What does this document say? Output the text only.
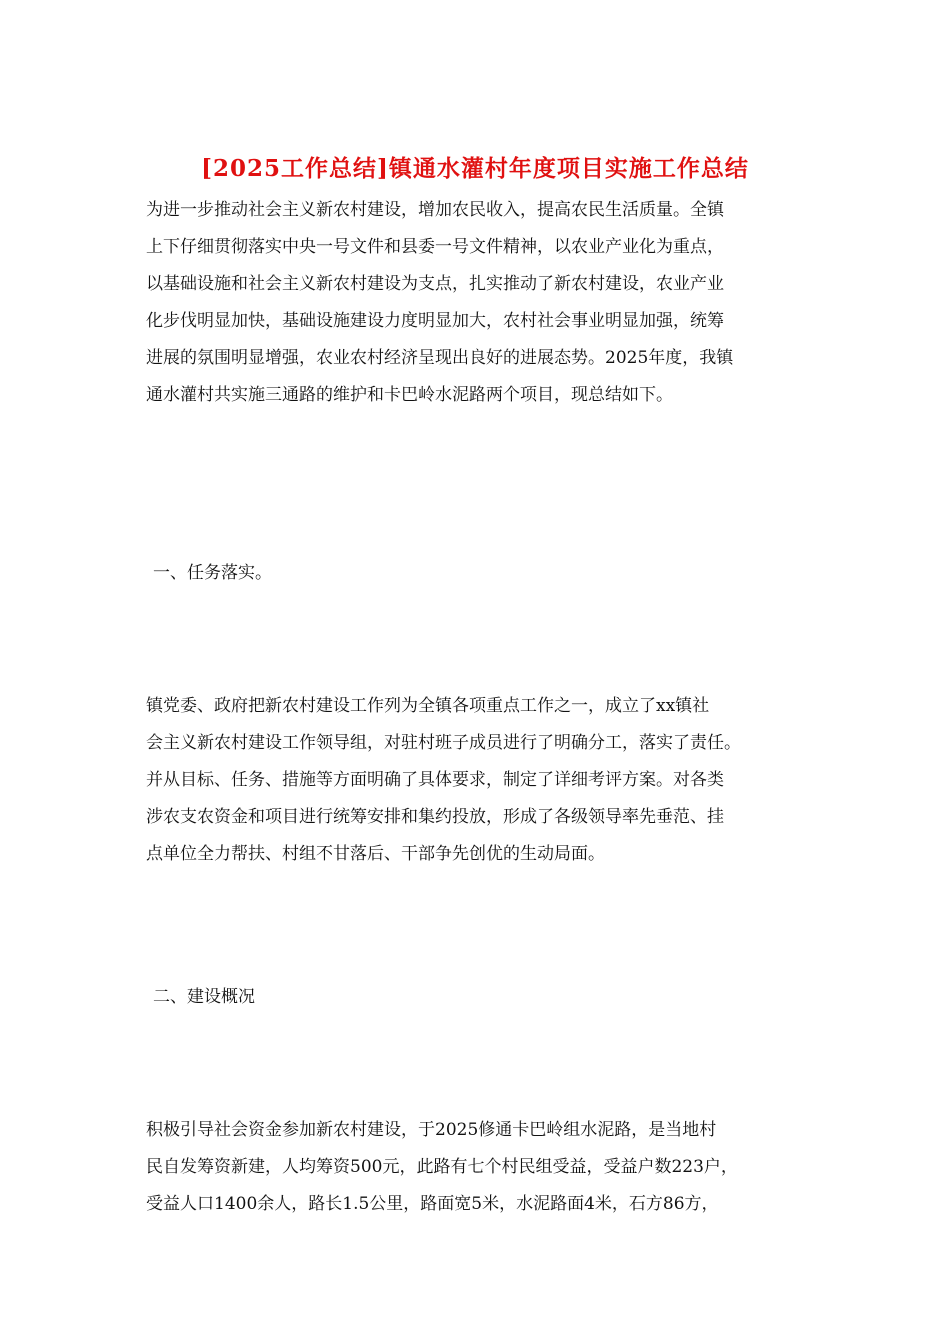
[2025工作总结]镇通水灌村年度项目实施工作总结

为进一步推动社会主义新农村建设，增加农民收入，提高农民生活质量。全镇
上下仔细贯彻落实中央一号文件和县委一号文件精神，以农业产业化为重点，
以基础设施和社会主义新农村建设为支点，扎实推动了新农村建设，农业产业
化步伐明显加快，基础设施建设力度明显加大，农村社会事业明显加强，统筹
进展的氛围明显增强，农业农村经济呈现出良好的进展态势。2025年度，我镇
通水灌村共实施三通路的维护和卡巴岭水泥路两个项目，现总结如下。

一、任务落实。

镇党委、政府把新农村建设工作列为全镇各项重点工作之一，成立了xx镇社
会主义新农村建设工作领导组，对驻村班子成员进行了明确分工，落实了责任。
并从目标、任务、措施等方面明确了具体要求，制定了详细考评方案。对各类
涉农支农资金和项目进行统筹安排和集约投放，形成了各级领导率先垂范、挂
点单位全力帮扶、村组不甘落后、干部争先创优的生动局面。

二、建设概况

积极引导社会资金参加新农村建设，于2025修通卡巴岭组水泥路，是当地村
民自发筹资新建，人均筹资500元，此路有七个村民组受益，受益户数223户，
受益人口1400余人，路长1.5公里，路面宽5米，水泥路面4米，石方86方，
